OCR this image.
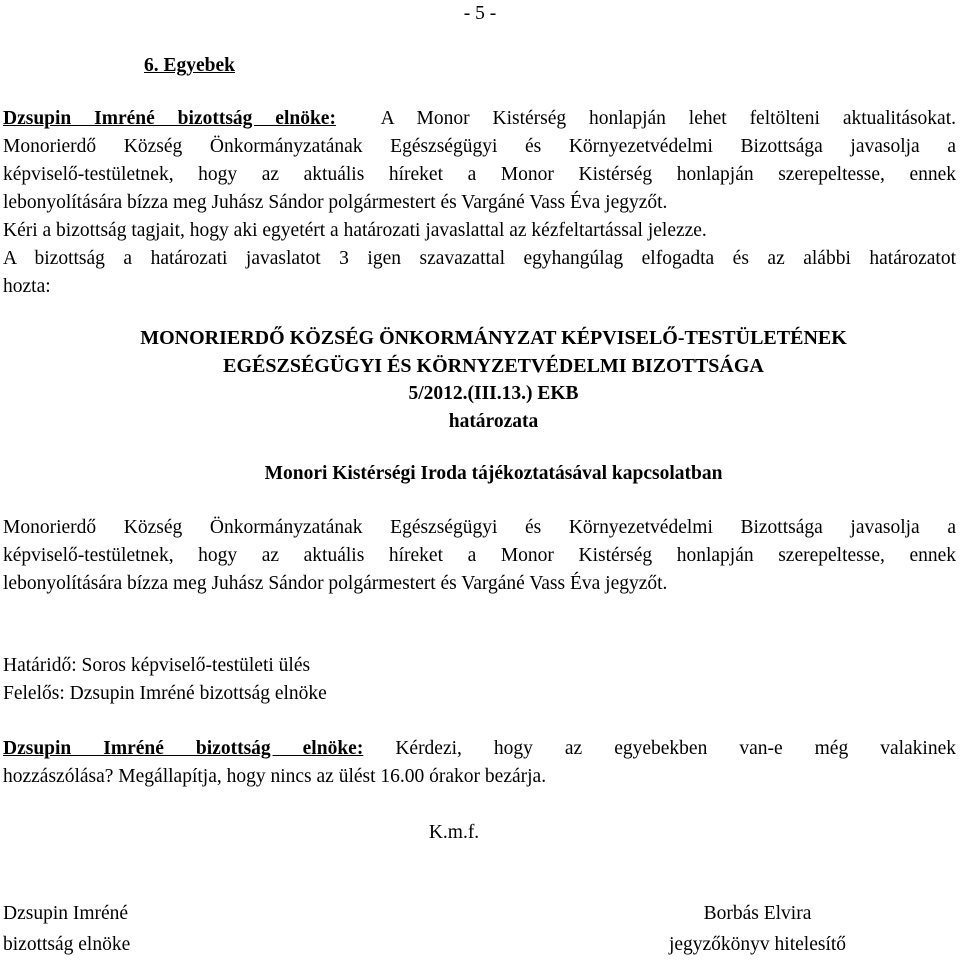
- 5 -
6. Egyebek
Dzsupin Imréné bizottság elnöke: A Monor Kistérség honlapján lehet feltölteni aktualitásokat.
Monorierdő Község Önkormányzatának Egészségügyi és Környezetvédelmi Bizottsága javasolja a
képviselő-testületnek, hogy az aktuális híreket a Monor Kistérség honlapján szerepeltesse, ennek
lebonyolítására bízza meg Juhász Sándor polgármestert és Vargáné Vass Éva jegyzőt.
Kéri a bizottság tagjait, hogy aki egyetért a határozati javaslattal az kézfeltartással jelezze.
A bizottság a határozati javaslatot 3 igen szavazattal egyhangúlag elfogadta és az alábbi határozatot
hozta:
MONORIERDŐ KÖZSÉG ÖNKORMÁNYZAT KÉPVISELŐ-TESTÜLETÉNEK
EGÉSZSÉGÜGYI ÉS KÖRNYZETVÉDELMI BIZOTTSÁGA
5/2012.(III.13.) EKB
határozata
Monori Kistérségi Iroda tájékoztatásával kapcsolatban
Monorierdő Község Önkormányzatának Egészségügyi és Környezetvédelmi Bizottsága javasolja a
képviselő-testületnek, hogy az aktuális híreket a Monor Kistérség honlapján szerepeltesse, ennek
lebonyolítására bízza meg Juhász Sándor polgármestert és Vargáné Vass Éva jegyzőt.
Határidő: Soros képviselő-testületi ülés
Felelős: Dzsupin Imréné bizottság elnöke
Dzsupin Imréné bizottság elnöke: Kérdezi, hogy az egyebekben van-e még valakinek
hozzászólása? Megállapítja, hogy nincs az ülést 16.00 órakor bezárja.
K.m.f.
Dzsupin Imréné
bizottság elnöke
Borbás Elvira
jegyzőkönyv hitelesítő
